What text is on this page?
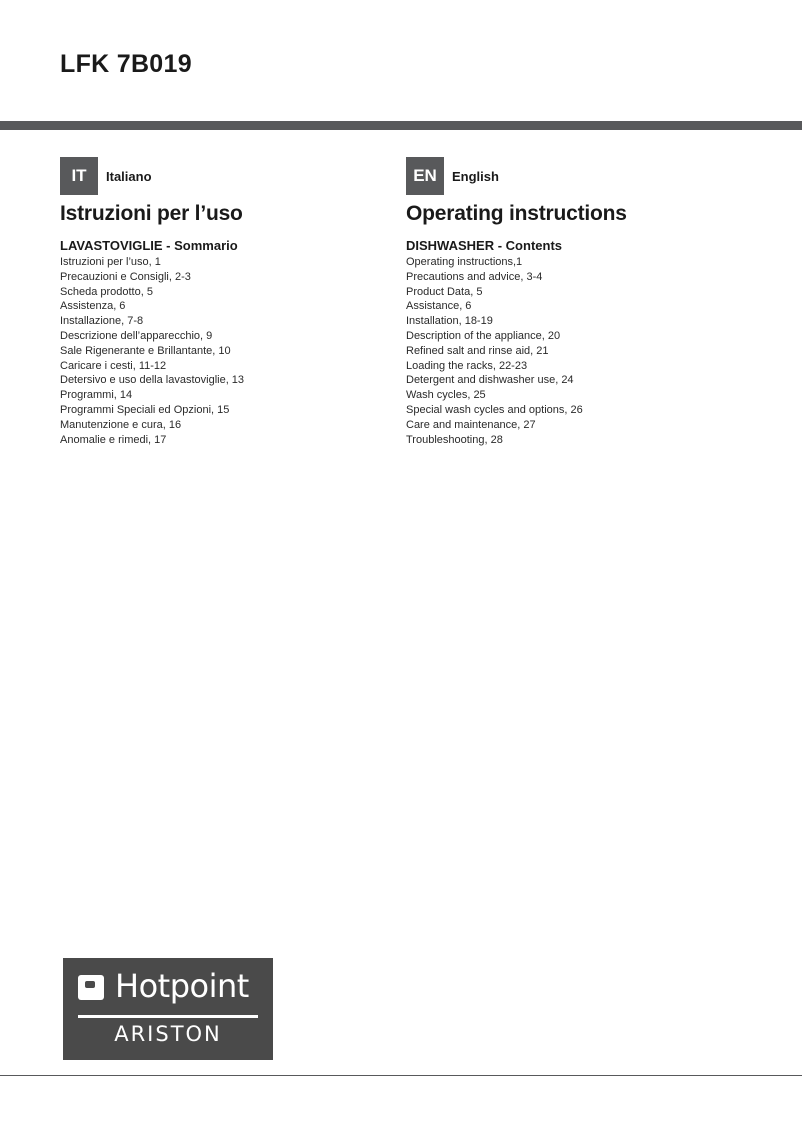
LFK 7B019
IT	Italiano
Istruzioni per l’uso
LAVASTOVIGLIE - Sommario
Istruzioni per l’uso, 1
Precauzioni e Consigli, 2-3
Scheda prodotto, 5
Assistenza, 6
Installazione, 7-8
Descrizione dell’apparecchio, 9
Sale Rigenerante e Brillantante, 10
Caricare i cesti, 11-12
Detersivo e uso della lavastoviglie, 13
Programmi, 14
Programmi Speciali ed Opzioni, 15
Manutenzione e cura, 16
Anomalie e rimedi, 17
EN	English
Operating instructions
DISHWASHER - Contents
Operating instructions,1
Precautions and advice, 3-4
Product Data, 5
Assistance, 6
Installation, 18-19
Description of the appliance, 20
Refined salt and rinse aid, 21
Loading the racks, 22-23
Detergent and dishwasher use, 24
Wash cycles, 25
Special wash cycles and options, 26
Care and maintenance, 27
Troubleshooting, 28
Hotpoint
ARISTON
